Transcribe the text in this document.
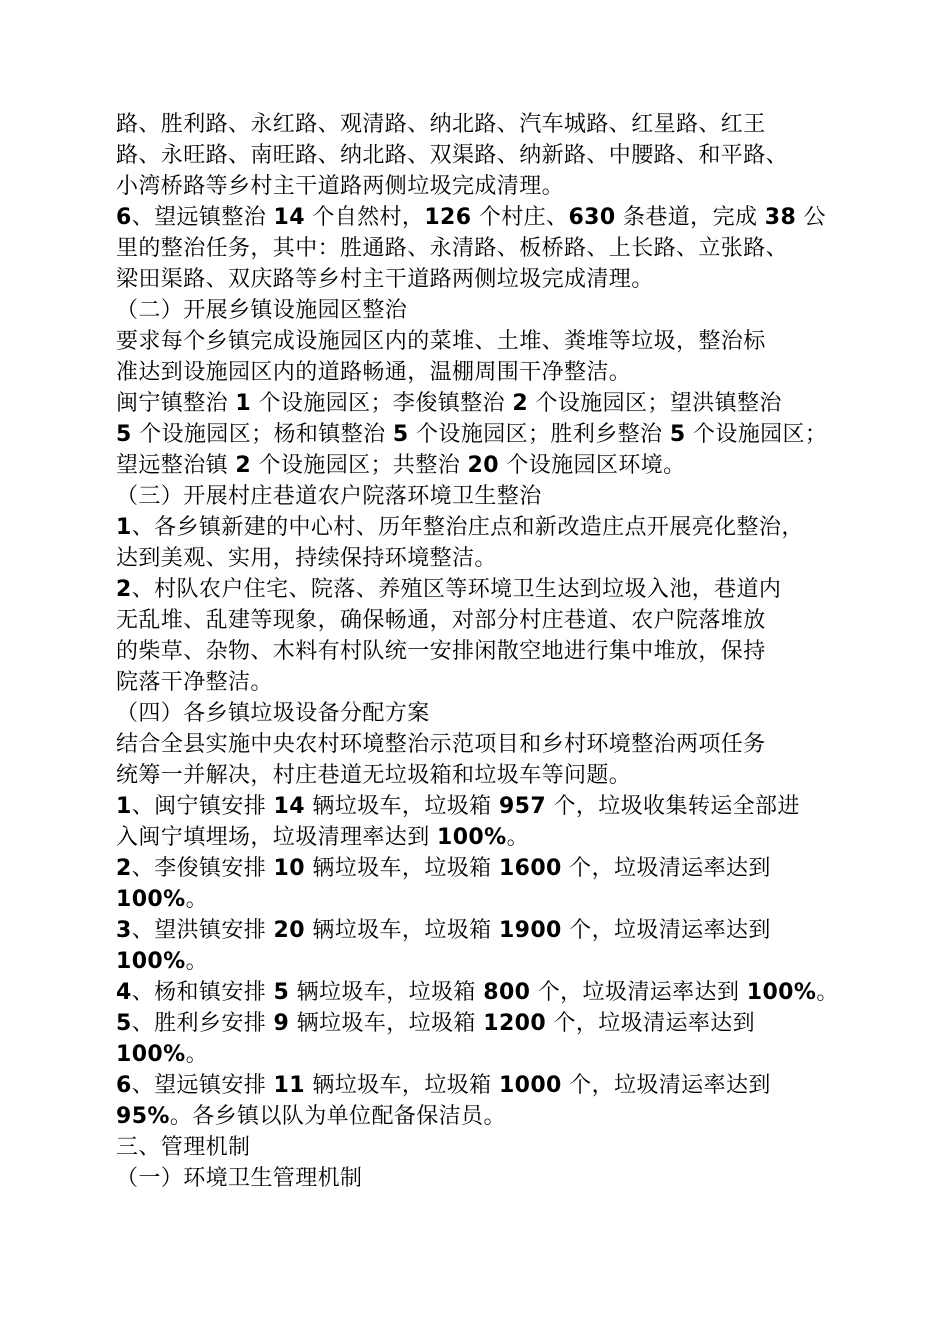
路、胜利路、永红路、观清路、纳北路、汽车城路、红星路、红王
路、永旺路、南旺路、纳北路、双渠路、纳新路、中腰路、和平路、
小湾桥路等乡村主干道路两侧垃圾完成清理。
6、望远镇整治 14 个自然村，126 个村庄、630 条巷道，完成 38 公
里的整治任务，其中：胜通路、永清路、板桥路、上长路、立张路、
梁田渠路、双庆路等乡村主干道路两侧垃圾完成清理。
（二）开展乡镇设施园区整治
要求每个乡镇完成设施园区内的菜堆、土堆、粪堆等垃圾，整治标
准达到设施园区内的道路畅通，温棚周围干净整洁。
闽宁镇整治 1 个设施园区；李俊镇整治 2 个设施园区；望洪镇整治
5 个设施园区；杨和镇整治 5 个设施园区；胜利乡整治 5 个设施园区；
望远整治镇 2 个设施园区；共整治 20 个设施园区环境。
（三）开展村庄巷道农户院落环境卫生整治
1、各乡镇新建的中心村、历年整治庄点和新改造庄点开展亮化整治，
达到美观、实用，持续保持环境整洁。
2、村队农户住宅、院落、养殖区等环境卫生达到垃圾入池，巷道内
无乱堆、乱建等现象，确保畅通，对部分村庄巷道、农户院落堆放
的柴草、杂物、木料有村队统一安排闲散空地进行集中堆放，保持
院落干净整洁。
（四）各乡镇垃圾设备分配方案
结合全县实施中央农村环境整治示范项目和乡村环境整治两项任务
统筹一并解决，村庄巷道无垃圾箱和垃圾车等问题。
1、闽宁镇安排 14 辆垃圾车，垃圾箱 957 个，垃圾收集转运全部进
入闽宁填埋场，垃圾清理率达到 100%。
2、李俊镇安排 10 辆垃圾车，垃圾箱 1600 个，垃圾清运率达到
100%。
3、望洪镇安排 20 辆垃圾车，垃圾箱 1900 个，垃圾清运率达到
100%。
4、杨和镇安排 5 辆垃圾车，垃圾箱 800 个，垃圾清运率达到 100%。
5、胜利乡安排 9 辆垃圾车，垃圾箱 1200 个，垃圾清运率达到
100%。
6、望远镇安排 11 辆垃圾车，垃圾箱 1000 个，垃圾清运率达到
95%。各乡镇以队为单位配备保洁员。
三、管理机制
（一）环境卫生管理机制
